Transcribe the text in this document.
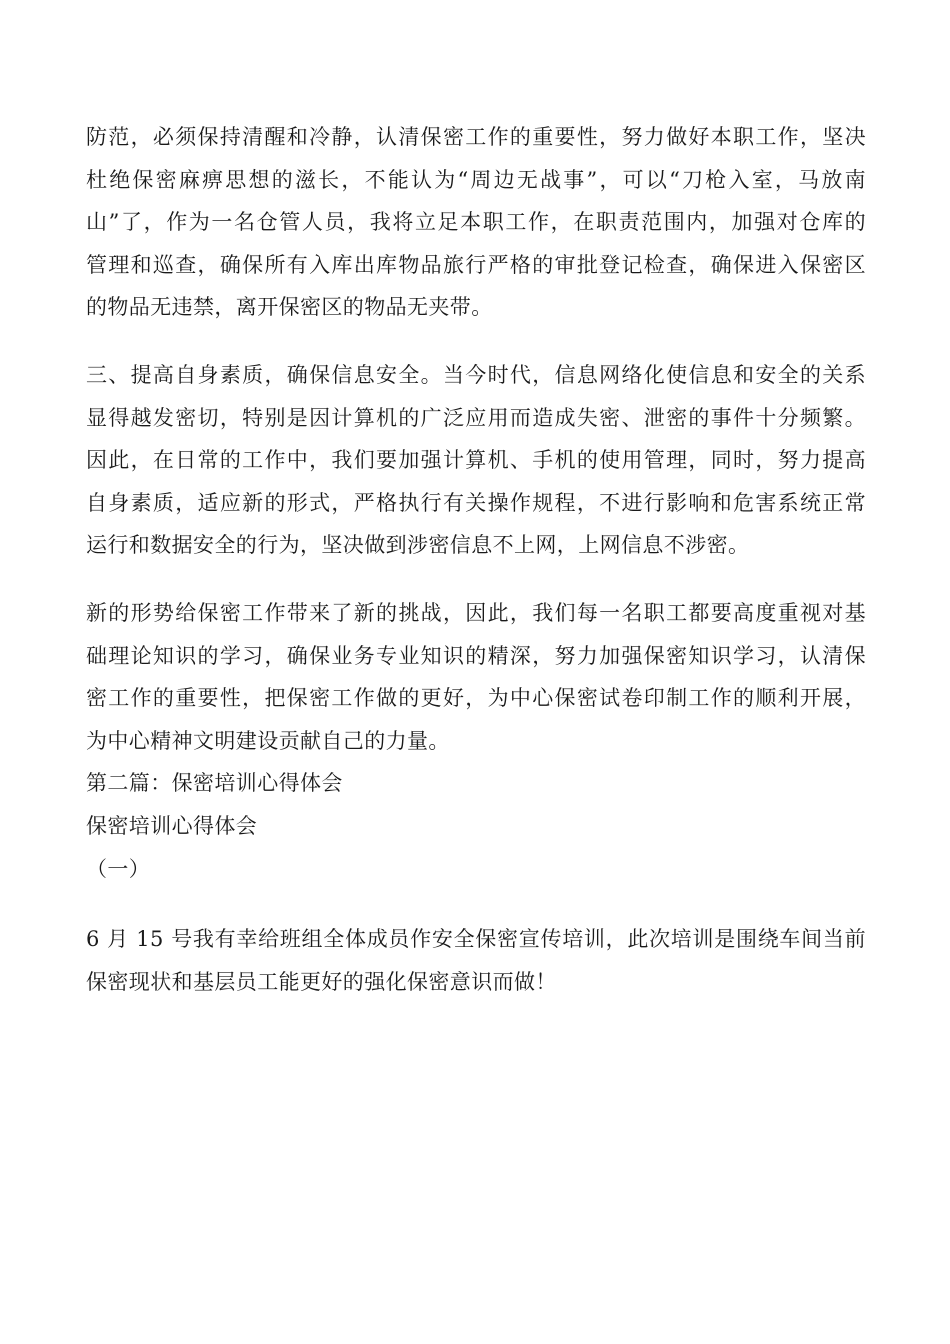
防范，必须保持清醒和冷静，认清保密工作的重要性，努力做好本职工作，坚决
杜绝保密麻痹思想的滋长，不能认为“周边无战事”，可以“刀枪入室，马放南
山”了，作为一名仓管人员，我将立足本职工作，在职责范围内，加强对仓库的
管理和巡查，确保所有入库出库物品旅行严格的审批登记检查，确保进入保密区
的物品无违禁，离开保密区的物品无夹带。

三、提高自身素质，确保信息安全。当今时代，信息网络化使信息和安全的关系
显得越发密切，特别是因计算机的广泛应用而造成失密、泄密的事件十分频繁。
因此，在日常的工作中，我们要加强计算机、手机的使用管理，同时，努力提高
自身素质，适应新的形式，严格执行有关操作规程，不进行影响和危害系统正常
运行和数据安全的行为，坚决做到涉密信息不上网，上网信息不涉密。

新的形势给保密工作带来了新的挑战，因此，我们每一名职工都要高度重视对基
础理论知识的学习，确保业务专业知识的精深，努力加强保密知识学习，认清保
密工作的重要性，把保密工作做的更好，为中心保密试卷印制工作的顺利开展，
为中心精神文明建设贡献自己的力量。

第二篇：保密培训心得体会

保密培训心得体会

（一）

6 月 15 号我有幸给班组全体成员作安全保密宣传培训，此次培训是围绕车间当前
保密现状和基层员工能更好的强化保密意识而做！
